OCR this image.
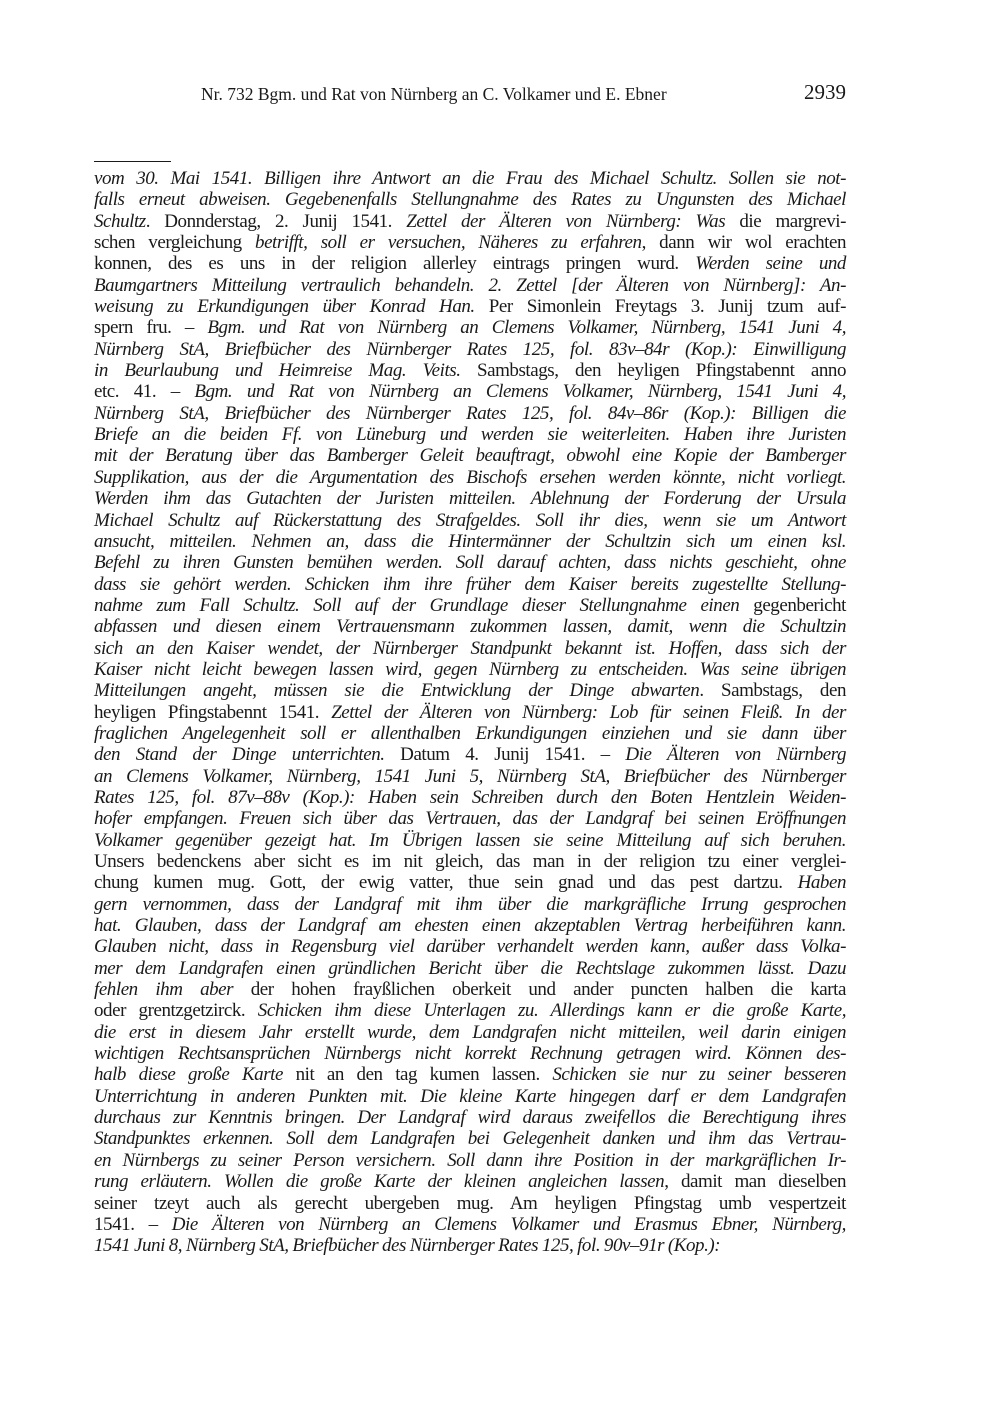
Nr. 732 Bgm. und Rat von Nürnberg an C. Volkamer und E. Ebner	2939
vom 30. Mai 1541. Billigen ihre Antwort an die Frau des Michael Schultz. Sollen sie not-
falls erneut abweisen. Gegebenenfalls Stellungnahme des Rates zu Ungunsten des Michael
Schultz. Donnderstag, 2. Junij 1541. Zettel der Älteren von Nürnberg: Was die margrevi-
schen vergleichung betrifft, soll er versuchen, Näheres zu erfahren, dann wir wol erachten
konnen, des es uns in der religion allerley eintrags pringen wurd. Werden seine und
Baumgartners Mitteilung vertraulich behandeln. 2. Zettel [der Älteren von Nürnberg]: An-
weisung zu Erkundigungen über Konrad Han. Per Simonlein Freytags 3. Junij tzum auf-
spern fru. – Bgm. und Rat von Nürnberg an Clemens Volkamer, Nürnberg, 1541 Juni 4,
Nürnberg StA, Briefbücher des Nürnberger Rates 125, fol. 83v–84r (Kop.): Einwilligung
in Beurlaubung und Heimreise Mag. Veits. Sambstags, den heyligen Pfingstabennt anno
etc. 41. – Bgm. und Rat von Nürnberg an Clemens Volkamer, Nürnberg, 1541 Juni 4,
Nürnberg StA, Briefbücher des Nürnberger Rates 125, fol. 84v–86r (Kop.): Billigen die
Briefe an die beiden Ff. von Lüneburg und werden sie weiterleiten. Haben ihre Juristen
mit der Beratung über das Bamberger Geleit beauftragt, obwohl eine Kopie der Bamberger
Supplikation, aus der die Argumentation des Bischofs ersehen werden könnte, nicht vorliegt.
Werden ihm das Gutachten der Juristen mitteilen. Ablehnung der Forderung der Ursula
Michael Schultz auf Rückerstattung des Strafgeldes. Soll ihr dies, wenn sie um Antwort
ansucht, mitteilen. Nehmen an, dass die Hintermänner der Schultzin sich um einen ksl.
Befehl zu ihren Gunsten bemühen werden. Soll darauf achten, dass nichts geschieht, ohne
dass sie gehört werden. Schicken ihm ihre früher dem Kaiser bereits zugestellte Stellung-
nahme zum Fall Schultz. Soll auf der Grundlage dieser Stellungnahme einen gegenbericht
abfassen und diesen einem Vertrauensmann zukommen lassen, damit, wenn die Schultzin
sich an den Kaiser wendet, der Nürnberger Standpunkt bekannt ist. Hoffen, dass sich der
Kaiser nicht leicht bewegen lassen wird, gegen Nürnberg zu entscheiden. Was seine übrigen
Mitteilungen angeht, müssen sie die Entwicklung der Dinge abwarten. Sambstags, den
heyligen Pfingstabennt 1541. Zettel der Älteren von Nürnberg: Lob für seinen Fleiß. In der
fraglichen Angelegenheit soll er allenthalben Erkundigungen einziehen und sie dann über
den Stand der Dinge unterrichten. Datum 4. Junij 1541. – Die Älteren von Nürnberg
an Clemens Volkamer, Nürnberg, 1541 Juni 5, Nürnberg StA, Briefbücher des Nürnberger
Rates 125, fol. 87v–88v (Kop.): Haben sein Schreiben durch den Boten Hentzlein Weiden-
hofer empfangen. Freuen sich über das Vertrauen, das der Landgraf bei seinen Eröffnungen
Volkamer gegenüber gezeigt hat. Im Übrigen lassen sie seine Mitteilung auf sich beruhen.
Unsers bedenckens aber sicht es im nit gleich, das man in der religion tzu einer verglei-
chung kumen mug. Gott, der ewig vatter, thue sein gnad und das pest dartzu. Haben
gern vernommen, dass der Landgraf mit ihm über die markgräfliche Irrung gesprochen
hat. Glauben, dass der Landgraf am ehesten einen akzeptablen Vertrag herbeiführen kann.
Glauben nicht, dass in Regensburg viel darüber verhandelt werden kann, außer dass Volka-
mer dem Landgrafen einen gründlichen Bericht über die Rechtslage zukommen lässt. Dazu
fehlen ihm aber der hohen frayßlichen oberkeit und ander puncten halben die karta
oder grentzgetzirck. Schicken ihm diese Unterlagen zu. Allerdings kann er die große Karte,
die erst in diesem Jahr erstellt wurde, dem Landgrafen nicht mitteilen, weil darin einigen
wichtigen Rechtsansprüchen Nürnbergs nicht korrekt Rechnung getragen wird. Können des-
halb diese große Karte nit an den tag kumen lassen. Schicken sie nur zu seiner besseren
Unterrichtung in anderen Punkten mit. Die kleine Karte hingegen darf er dem Landgrafen
durchaus zur Kenntnis bringen. Der Landgraf wird daraus zweifellos die Berechtigung ihres
Standpunktes erkennen. Soll dem Landgrafen bei Gelegenheit danken und ihm das Vertrau-
en Nürnbergs zu seiner Person versichern. Soll dann ihre Position in der markgräflichen Ir-
rung erläutern. Wollen die große Karte der kleinen angleichen lassen, damit man dieselben
seiner tzeyt auch als gerecht ubergeben mug. Am heyligen Pfingstag umb vespertzeit
1541. – Die Älteren von Nürnberg an Clemens Volkamer und Erasmus Ebner, Nürnberg,
1541 Juni 8, Nürnberg StA, Briefbücher des Nürnberger Rates 125, fol. 90v–91r (Kop.):
